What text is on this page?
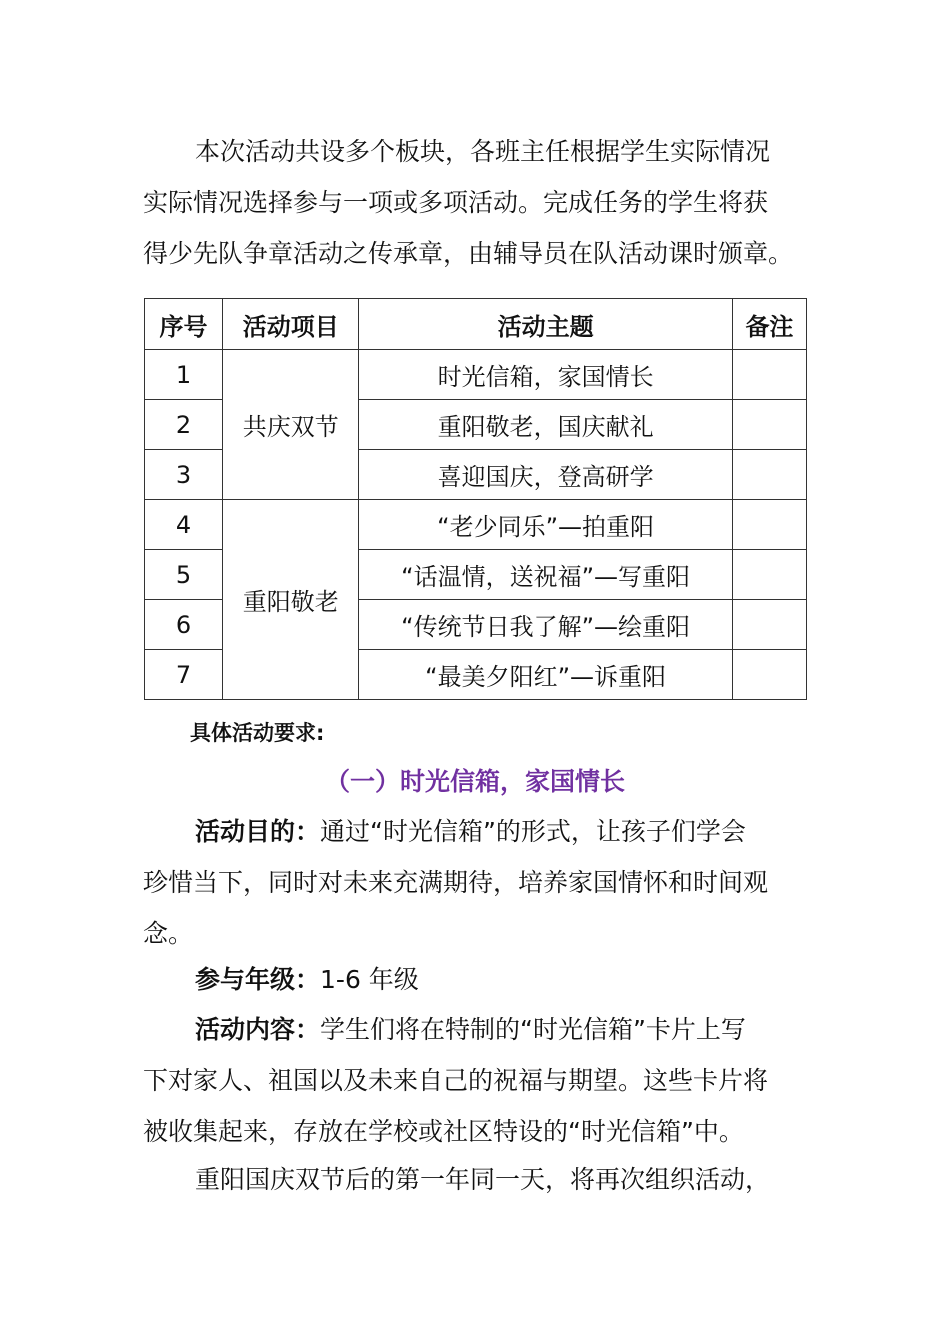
本次活动共设多个板块，各班主任根据学生实际情况
实际情况选择参与一项或多项活动。完成任务的学生将获
得少先队争章活动之传承章，由辅导员在队活动课时颁章。
序号	活动项目	活动主题	备注
1	共庆双节	时光信箱，家国情长	
2		重阳敬老，国庆献礼	
3		喜迎国庆，登高研学	
4	重阳敬老	“老少同乐”—拍重阳	
5		“话温情，送祝福”—写重阳	
6		“传统节日我了解”—绘重阳	
7		“最美夕阳红”—诉重阳	
具体活动要求:
（一）时光信箱，家国情长
活动目的：通过“时光信箱”的形式，让孩子们学会
珍惜当下，同时对未来充满期待，培养家国情怀和时间观
念。
参与年级：1-6 年级
活动内容：学生们将在特制的“时光信箱”卡片上写
下对家人、祖国以及未来自己的祝福与期望。这些卡片将
被收集起来，存放在学校或社区特设的“时光信箱”中。
重阳国庆双节后的第一年同一天，将再次组织活动，
